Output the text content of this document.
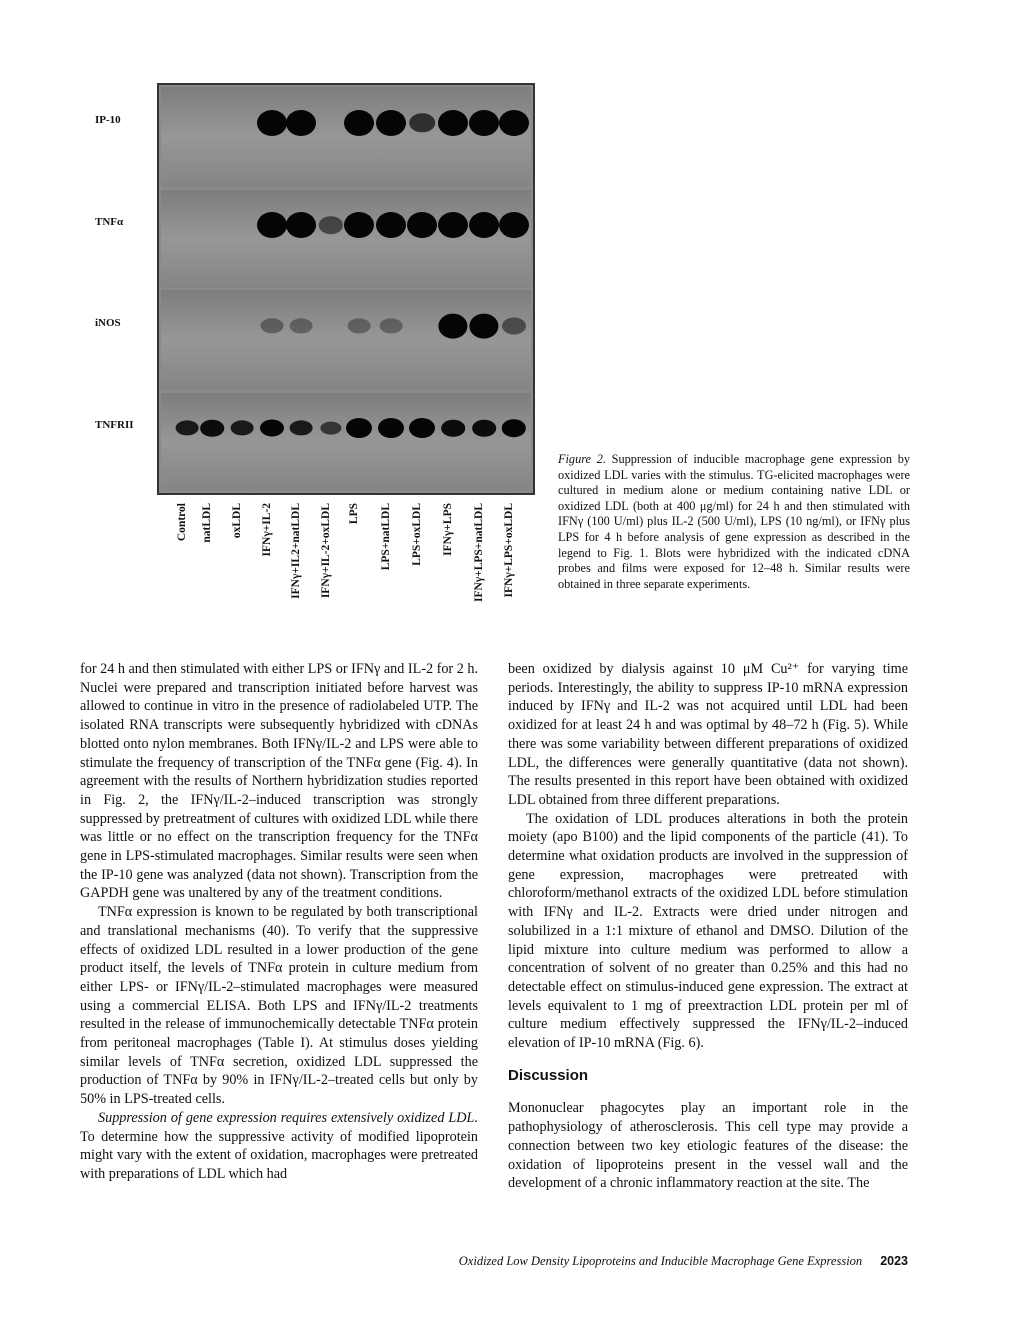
Figure 2. Suppression of inducible macrophage gene expression by oxidized LDL varies with the stimulus. TG-elicited macrophages were cultured in medium alone or medium containing native LDL or oxidized LDL (both at 400 μg/ml) for 24 h and then stimulated with IFNγ (100 U/ml) plus IL-2 (500 U/ml), LPS (10 ng/ml), or IFNγ plus LPS for 4 h before analysis of gene expression as described in the legend to Fig. 1. Blots were hybridized with the indicated cDNA probes and films were exposed for 12–48 h. Similar results were obtained in three separate experiments.

for 24 h and then stimulated with either LPS or IFNγ and IL-2 for 2 h. Nuclei were prepared and transcription initiated before harvest was allowed to continue in vitro in the presence of radiolabeled UTP. The isolated RNA transcripts were subsequently hybridized with cDNAs blotted onto nylon membranes. Both IFNγ/IL-2 and LPS were able to stimulate the frequency of transcription of the TNFα gene (Fig. 4). In agreement with the results of Northern hybridization studies reported in Fig. 2, the IFNγ/IL-2–induced transcription was strongly suppressed by pretreatment of cultures with oxidized LDL while there was little or no effect on the transcription frequency for the TNFα gene in LPS-stimulated macrophages. Similar results were seen when the IP-10 gene was analyzed (data not shown). Transcription from the GAPDH gene was unaltered by any of the treatment conditions.

TNFα expression is known to be regulated by both transcriptional and translational mechanisms (40). To verify that the suppressive effects of oxidized LDL resulted in a lower production of the gene product itself, the levels of TNFα protein in culture medium from either LPS- or IFNγ/IL-2–stimulated macrophages were measured using a commercial ELISA. Both LPS and IFNγ/IL-2 treatments resulted in the release of immunochemically detectable TNFα protein from peritoneal macrophages (Table I). At stimulus doses yielding similar levels of TNFα secretion, oxidized LDL suppressed the production of TNFα by 90% in IFNγ/IL-2–treated cells but only by 50% in LPS-treated cells.

Suppression of gene expression requires extensively oxidized LDL. To determine how the suppressive activity of modified lipoprotein might vary with the extent of oxidation, macrophages were pretreated with preparations of LDL which had

been oxidized by dialysis against 10 μM Cu²⁺ for varying time periods. Interestingly, the ability to suppress IP-10 mRNA expression induced by IFNγ and IL-2 was not acquired until LDL had been oxidized for at least 24 h and was optimal by 48–72 h (Fig. 5). While there was some variability between different preparations of oxidized LDL, the differences were generally quantitative (data not shown). The results presented in this report have been obtained with oxidized LDL obtained from three different preparations.

The oxidation of LDL produces alterations in both the protein moiety (apo B100) and the lipid components of the particle (41). To determine what oxidation products are involved in the suppression of gene expression, macrophages were pretreated with chloroform/methanol extracts of the oxidized LDL before stimulation with IFNγ and IL-2. Extracts were dried under nitrogen and solubilized in a 1:1 mixture of ethanol and DMSO. Dilution of the lipid mixture into culture medium was performed to allow a concentration of solvent of no greater than 0.25% and this had no detectable effect on stimulus-induced gene expression. The extract at levels equivalent to 1 mg of preextraction LDL protein per ml of culture medium effectively suppressed the IFNγ/IL-2–induced elevation of IP-10 mRNA (Fig. 6).

Discussion

Mononuclear phagocytes play an important role in the pathophysiology of atherosclerosis. This cell type may provide a connection between two key etiologic features of the disease: the oxidation of lipoproteins present in the vessel wall and the development of a chronic inflammatory reaction at the site. The

Oxidized Low Density Lipoproteins and Inducible Macrophage Gene Expression 2023
IP-10
TNFα
iNOS
TNFRII
Control natLDL oxLDL IFNγ+IL-2 IFNγ+IL2+natLDL IFNγ+IL-2+oxLDL LPS LPS+natLDL LPS+oxLDL IFNγ+LPS IFNγ+LPS+natLDL IFNγ+LPS+oxLDL
